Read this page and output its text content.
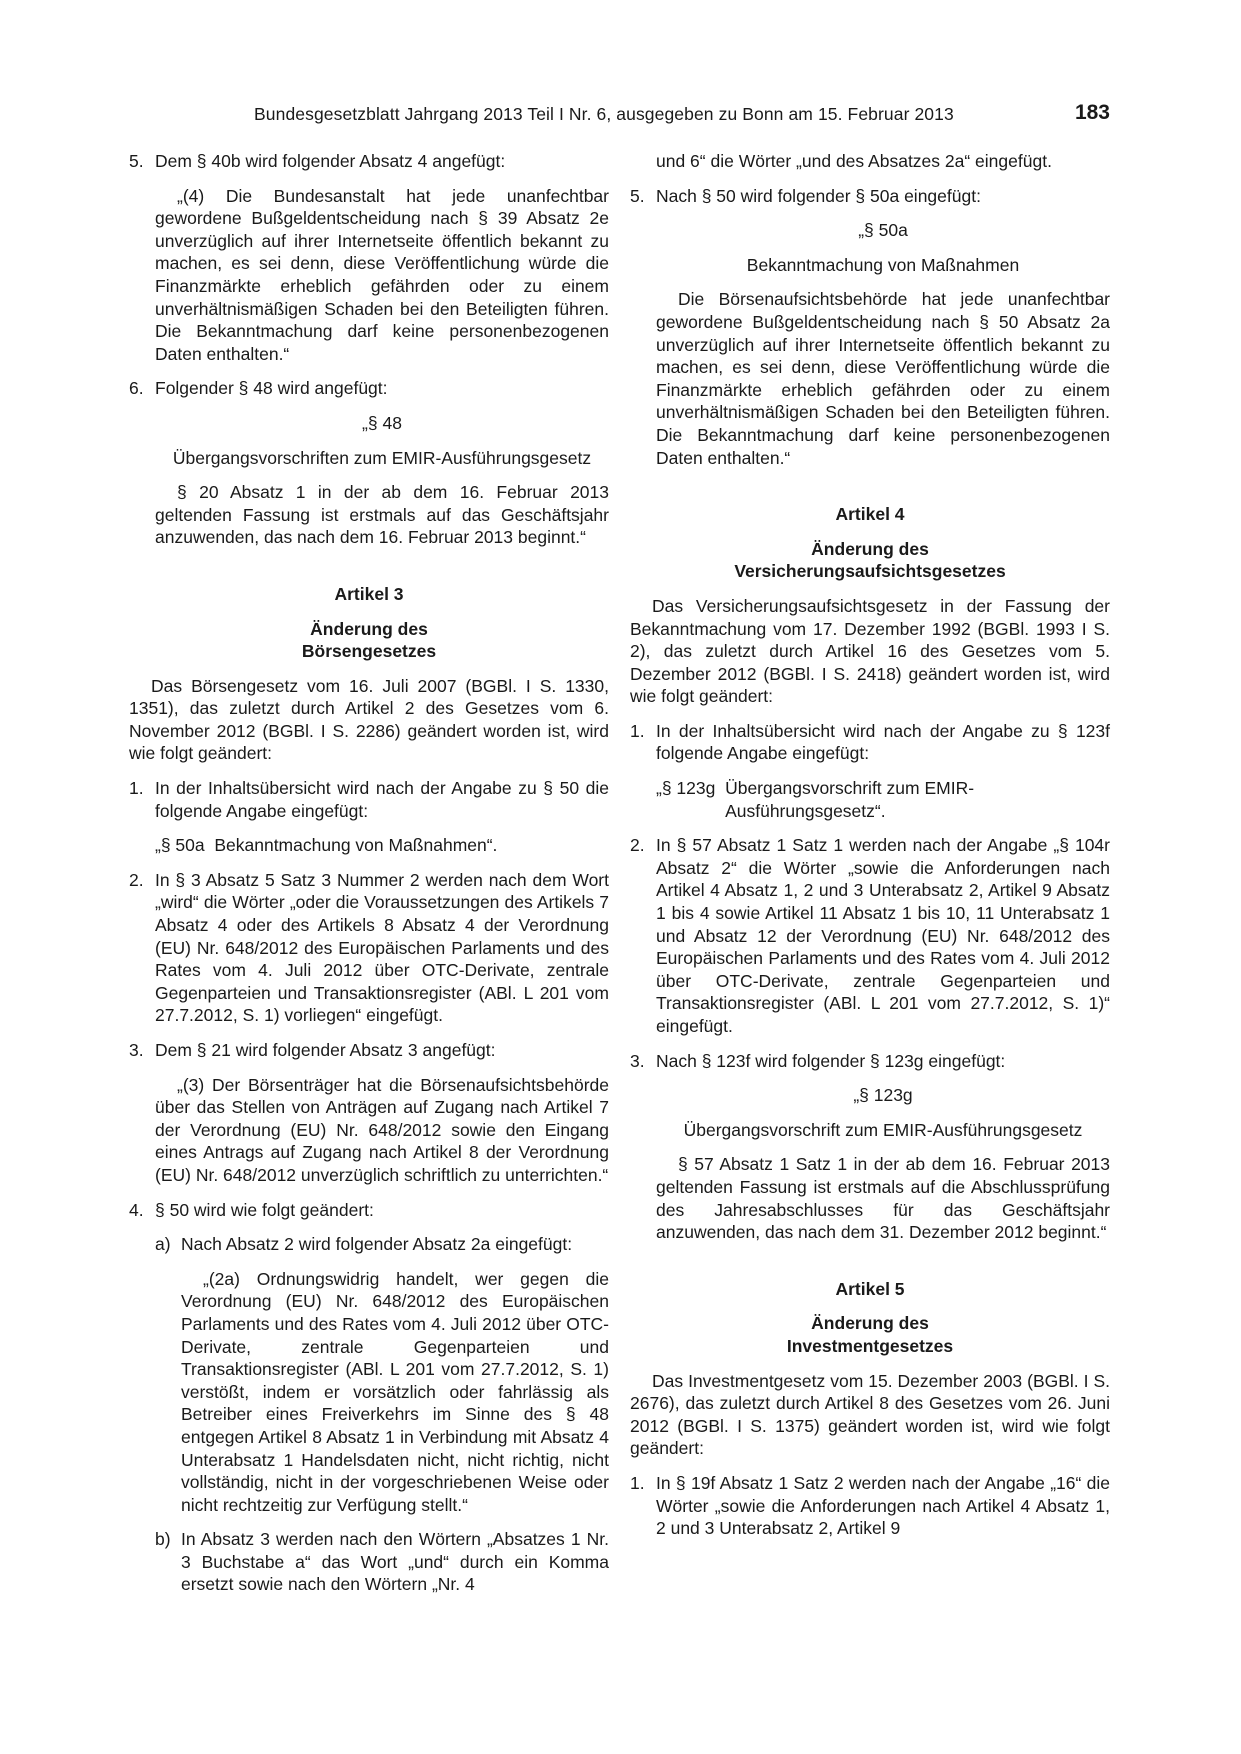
Bundesgesetzblatt Jahrgang 2013 Teil I Nr. 6, ausgegeben zu Bonn am 15. Februar 2013	183
5. Dem § 40b wird folgender Absatz 4 angefügt:

„(4) Die Bundesanstalt hat jede unanfechtbar gewordene Bußgeldentscheidung nach § 39 Absatz 2e unverzüglich auf ihrer Internetseite öffentlich bekannt zu machen, es sei denn, diese Veröffentlichung würde die Finanzmärkte erheblich gefährden oder zu einem unverhältnismäßigen Schaden bei den Beteiligten führen. Die Bekanntmachung darf keine personenbezogenen Daten enthalten.“

6. Folgender § 48 wird angefügt:

„§ 48

Übergangsvorschriften zum EMIR-Ausführungsgesetz

§ 20 Absatz 1 in der ab dem 16. Februar 2013 geltenden Fassung ist erstmals auf das Geschäftsjahr anzuwenden, das nach dem 16. Februar 2013 beginnt.“

Artikel 3

Änderung des

Börsengesetzes

Das Börsengesetz vom 16. Juli 2007 (BGBl. I S. 1330, 1351), das zuletzt durch Artikel 2 des Gesetzes vom 6. November 2012 (BGBl. I S. 2286) geändert worden ist, wird wie folgt geändert:

1. In der Inhaltsübersicht wird nach der Angabe zu § 50 die folgende Angabe eingefügt:

„§ 50a  Bekanntmachung von Maßnahmen“.

2. In § 3 Absatz 5 Satz 3 Nummer 2 werden nach dem Wort „wird“ die Wörter „oder die Voraussetzungen des Artikels 7 Absatz 4 oder des Artikels 8 Absatz 4 der Verordnung (EU) Nr. 648/2012 des Europäischen Parlaments und des Rates vom 4. Juli 2012 über OTC-Derivate, zentrale Gegenparteien und Transaktionsregister (ABl. L 201 vom 27.7.2012, S. 1) vorliegen“ eingefügt.
3. Dem § 21 wird folgender Absatz 3 angefügt:

„(3) Der Börsenträger hat die Börsenaufsichtsbehörde über das Stellen von Anträgen auf Zugang nach Artikel 7 der Verordnung (EU) Nr. 648/2012 sowie den Eingang eines Antrags auf Zugang nach Artikel 8 der Verordnung (EU) Nr. 648/2012 unverzüglich schriftlich zu unterrichten.“

4. § 50 wird wie folgt geändert:
a) Nach Absatz 2 wird folgender Absatz 2a eingefügt:

„(2a) Ordnungswidrig handelt, wer gegen die Verordnung (EU) Nr. 648/2012 des Europäischen Parlaments und des Rates vom 4. Juli 2012 über OTC-Derivate, zentrale Gegenparteien und Transaktionsregister (ABl. L 201 vom 27.7.2012, S. 1) verstößt, indem er vorsätzlich oder fahrlässig als Betreiber eines Freiverkehrs im Sinne des § 48 entgegen Artikel 8 Absatz 1 in Verbindung mit Absatz 4 Unterabsatz 1 Handelsdaten nicht, nicht richtig, nicht vollständig, nicht in der vorgeschriebenen Weise oder nicht rechtzeitig zur Verfügung stellt.“

b) In Absatz 3 werden nach den Wörtern „Absatzes 1 Nr. 3 Buchstabe a“ das Wort „und“ durch ein Komma ersetzt sowie nach den Wörtern „Nr. 4

und 6“ die Wörter „und des Absatzes 2a“ eingefügt.

5. Nach § 50 wird folgender § 50a eingefügt:

„§ 50a

Bekanntmachung von Maßnahmen

Die Börsenaufsichtsbehörde hat jede unanfechtbar gewordene Bußgeldentscheidung nach § 50 Absatz 2a unverzüglich auf ihrer Internetseite öffentlich bekannt zu machen, es sei denn, diese Veröffentlichung würde die Finanzmärkte erheblich gefährden oder zu einem unverhältnismäßigen Schaden bei den Beteiligten führen. Die Bekanntmachung darf keine personenbezogenen Daten enthalten.“

Artikel 4

Änderung des

Versicherungsaufsichtsgesetzes

Das Versicherungsaufsichtsgesetz in der Fassung der Bekanntmachung vom 17. Dezember 1992 (BGBl. 1993 I S. 2), das zuletzt durch Artikel 16 des Gesetzes vom 5. Dezember 2012 (BGBl. I S. 2418) geändert worden ist, wird wie folgt geändert:

1. In der Inhaltsübersicht wird nach der Angabe zu § 123f folgende Angabe eingefügt:
„§ 123g Übergangsvorschrift zum EMIR-Ausführungsgesetz“.
2. In § 57 Absatz 1 Satz 1 werden nach der Angabe „§ 104r Absatz 2“ die Wörter „sowie die Anforderungen nach Artikel 4 Absatz 1, 2 und 3 Unterabsatz 2, Artikel 9 Absatz 1 bis 4 sowie Artikel 11 Absatz 1 bis 10, 11 Unterabsatz 1 und Absatz 12 der Verordnung (EU) Nr. 648/2012 des Europäischen Parlaments und des Rates vom 4. Juli 2012 über OTC-Derivate, zentrale Gegenparteien und Transaktionsregister (ABl. L 201 vom 27.7.2012, S. 1)“ eingefügt.
3. Nach § 123f wird folgender § 123g eingefügt:

„§ 123g

Übergangsvorschrift zum EMIR-Ausführungsgesetz

§ 57 Absatz 1 Satz 1 in der ab dem 16. Februar 2013 geltenden Fassung ist erstmals auf die Abschlussprüfung des Jahresabschlusses für das Geschäftsjahr anzuwenden, das nach dem 31. Dezember 2012 beginnt.“

Artikel 5

Änderung des

Investmentgesetzes

Das Investmentgesetz vom 15. Dezember 2003 (BGBl. I S. 2676), das zuletzt durch Artikel 8 des Gesetzes vom 26. Juni 2012 (BGBl. I S. 1375) geändert worden ist, wird wie folgt geändert:

1. In § 19f Absatz 1 Satz 2 werden nach der Angabe „16“ die Wörter „sowie die Anforderungen nach Artikel 4 Absatz 1, 2 und 3 Unterabsatz 2, Artikel 9
